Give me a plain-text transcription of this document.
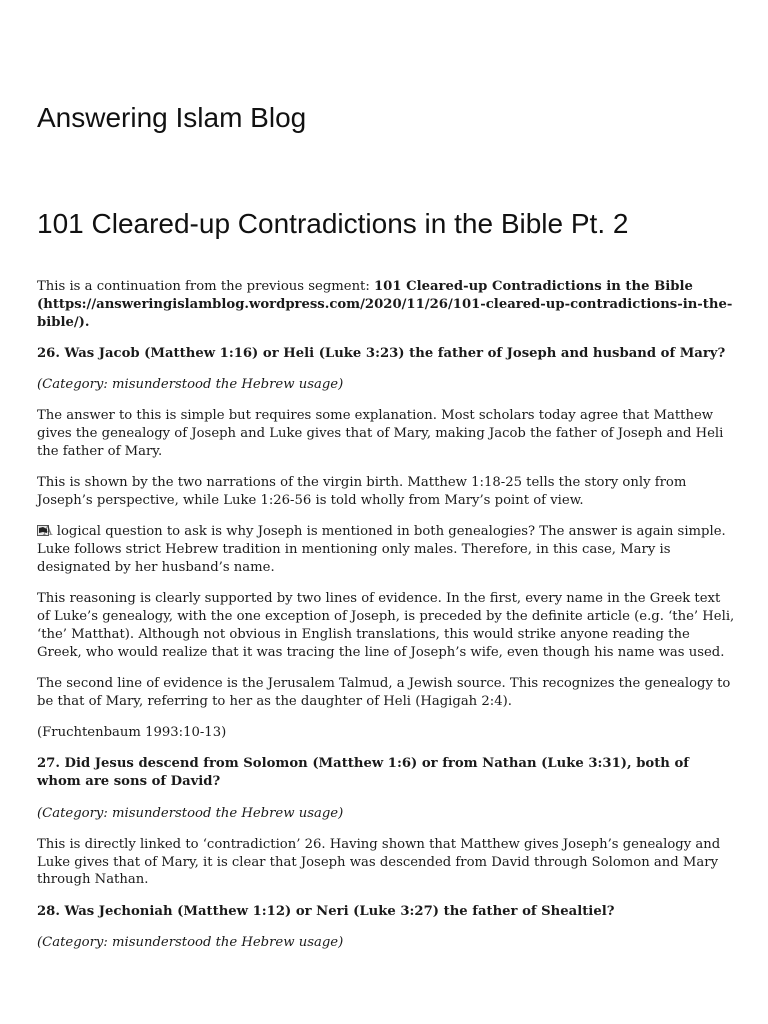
Answering Islam Blog
101 Cleared-up Contradictions in the Bible Pt. 2

This is a continuation from the previous segment: 101 Cleared-up Contradictions in the Bible (https://answeringislamblog.wordpress.com/2020/11/26/101-cleared-up-contradictions-in-the-bible/).

26. Was Jacob (Matthew 1:16) or Heli (Luke 3:23) the father of Joseph and husband of Mary?

(Category: misunderstood the Hebrew usage)

The answer to this is simple but requires some explanation. Most scholars today agree that Matthew gives the genealogy of Joseph and Luke gives that of Mary, making Jacob the father of Joseph and Heli the father of Mary.

This is shown by the two narrations of the virgin birth. Matthew 1:18-25 tells the story only from Joseph’s perspective, while Luke 1:26-56 is told wholly from Mary’s point of view.

A logical question to ask is why Joseph is mentioned in both genealogies? The answer is again simple. Luke follows strict Hebrew tradition in mentioning only males. Therefore, in this case, Mary is designated by her husband’s name.

This reasoning is clearly supported by two lines of evidence. In the first, every name in the Greek text of Luke’s genealogy, with the one exception of Joseph, is preceded by the definite article (e.g. ‘the’ Heli, ‘the’ Matthat). Although not obvious in English translations, this would strike anyone reading the Greek, who would realize that it was tracing the line of Joseph’s wife, even though his name was used.

The second line of evidence is the Jerusalem Talmud, a Jewish source. This recognizes the genealogy to be that of Mary, referring to her as the daughter of Heli (Hagigah 2:4).

(Fruchtenbaum 1993:10-13)

27. Did Jesus descend from Solomon (Matthew 1:6) or from Nathan (Luke 3:31), both of whom are sons of David?

(Category: misunderstood the Hebrew usage)

This is directly linked to ‘contradiction’ 26. Having shown that Matthew gives Joseph’s genealogy and Luke gives that of Mary, it is clear that Joseph was descended from David through Solomon and Mary through Nathan.

28. Was Jechoniah (Matthew 1:12) or Neri (Luke 3:27) the father of Shealtiel?

(Category: misunderstood the Hebrew usage)
